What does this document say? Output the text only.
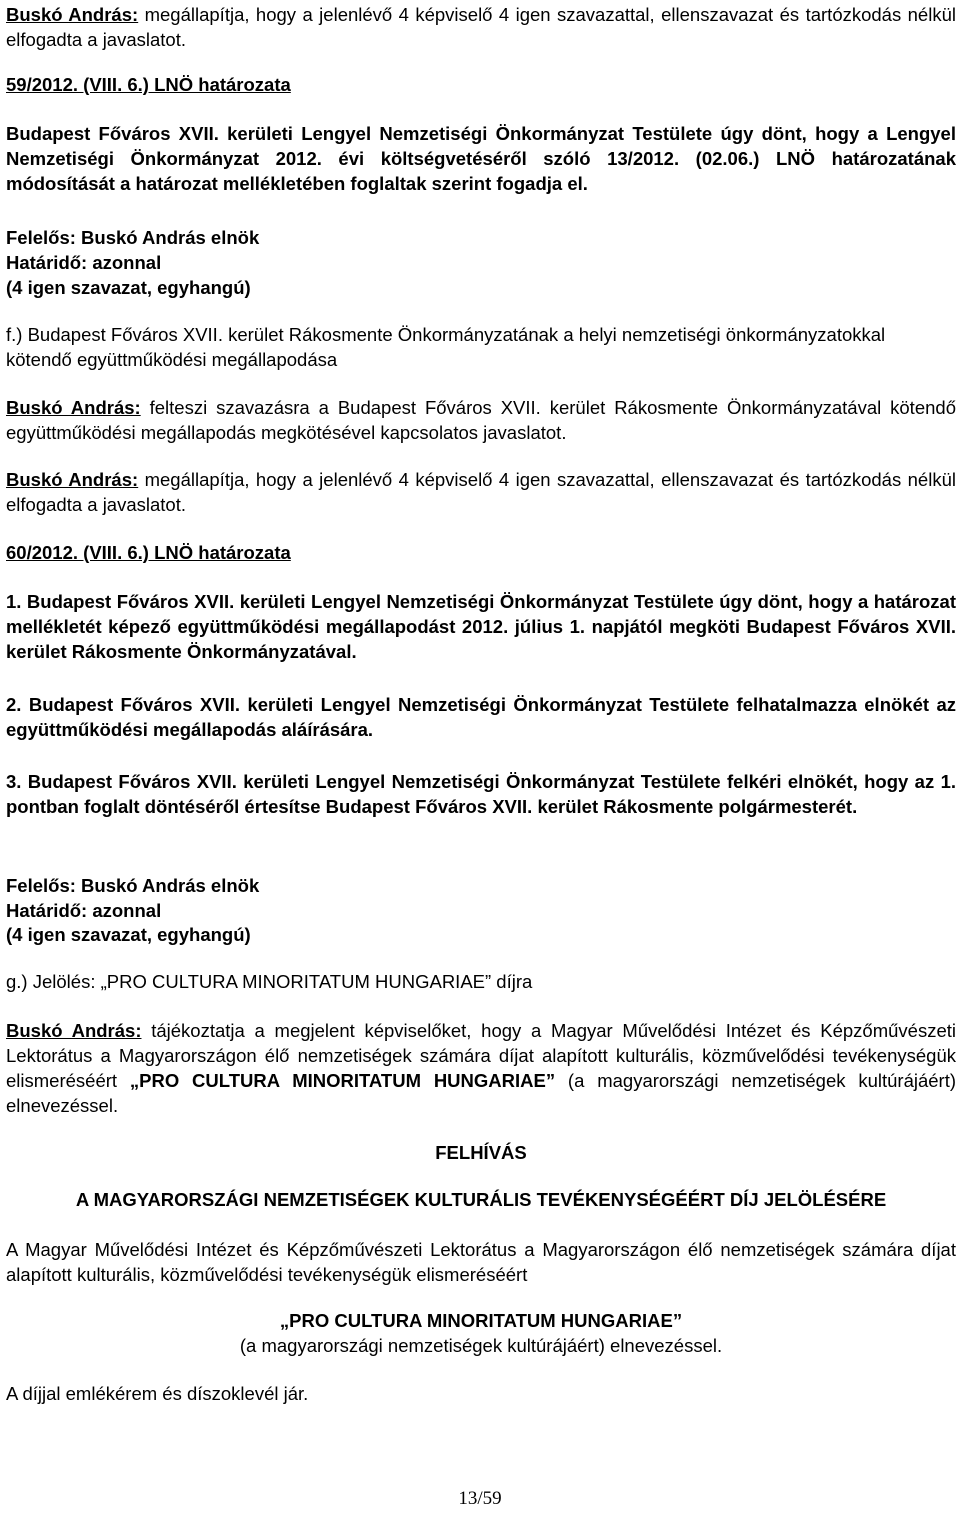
Buskó András: megállapítja, hogy a jelenlévő 4 képviselő 4 igen szavazattal, ellenszavazat és tartózkodás nélkül elfogadta a javaslatot.

59/2012. (VIII. 6.) LNÖ határozata

Budapest Főváros XVII. kerületi Lengyel Nemzetiségi Önkormányzat Testülete úgy dönt, hogy a Lengyel Nemzetiségi Önkormányzat 2012. évi költségvetéséről szóló 13/2012. (02.06.) LNÖ határozatának módosítását a határozat mellékletében foglaltak szerint fogadja el.

Felelős: Buskó András elnök

Határidő: azonnal

(4 igen szavazat, egyhangú)

f.) Budapest Főváros XVII. kerület Rákosmente Önkormányzatának a helyi nemzetiségi önkormányzatokkal kötendő együttműködési megállapodása

Buskó András: felteszi szavazásra a Budapest Főváros XVII. kerület Rákosmente Önkormányzatával kötendő együttműködési megállapodás megkötésével kapcsolatos javaslatot.

Buskó András: megállapítja, hogy a jelenlévő 4 képviselő 4 igen szavazattal, ellenszavazat és tartózkodás nélkül elfogadta a javaslatot.

60/2012. (VIII. 6.) LNÖ határozata

1. Budapest Főváros XVII. kerületi Lengyel Nemzetiségi Önkormányzat Testülete úgy dönt, hogy a határozat mellékletét képező együttműködési megállapodást 2012. július 1. napjától megköti Budapest Főváros XVII. kerület Rákosmente Önkormányzatával.

2. Budapest Főváros XVII. kerületi Lengyel Nemzetiségi Önkormányzat Testülete felhatalmazza elnökét az együttműködési megállapodás aláírására.

3. Budapest Főváros XVII. kerületi Lengyel Nemzetiségi Önkormányzat Testülete felkéri elnökét, hogy az 1. pontban foglalt döntéséről értesítse Budapest Főváros XVII. kerület Rákosmente polgármesterét.

Felelős: Buskó András elnök

Határidő: azonnal

(4 igen szavazat, egyhangú)

g.) Jelölés: „PRO CULTURA MINORITATUM HUNGARIAE” díjra

Buskó András: tájékoztatja a megjelent képviselőket, hogy a Magyar Művelődési Intézet és Képzőművészeti Lektorátus a Magyarországon élő nemzetiségek számára díjat alapított kulturális, közművelődési tevékenységük elismeréséért „PRO CULTURA MINORITATUM HUNGARIAE” (a magyarországi nemzetiségek kultúrájáért) elnevezéssel.

FELHÍVÁS

A MAGYARORSZÁGI NEMZETISÉGEK KULTURÁLIS TEVÉKENYSÉGÉÉRT DÍJ JELÖLÉSÉRE

A Magyar Művelődési Intézet és Képzőművészeti Lektorátus a Magyarországon élő nemzetiségek számára díjat alapított kulturális, közművelődési tevékenységük elismeréséért

„PRO CULTURA MINORITATUM HUNGARIAE”

(a magyarországi nemzetiségek kultúrájáért) elnevezéssel.

A díjjal emlékérem és díszoklevél jár.

13/59
